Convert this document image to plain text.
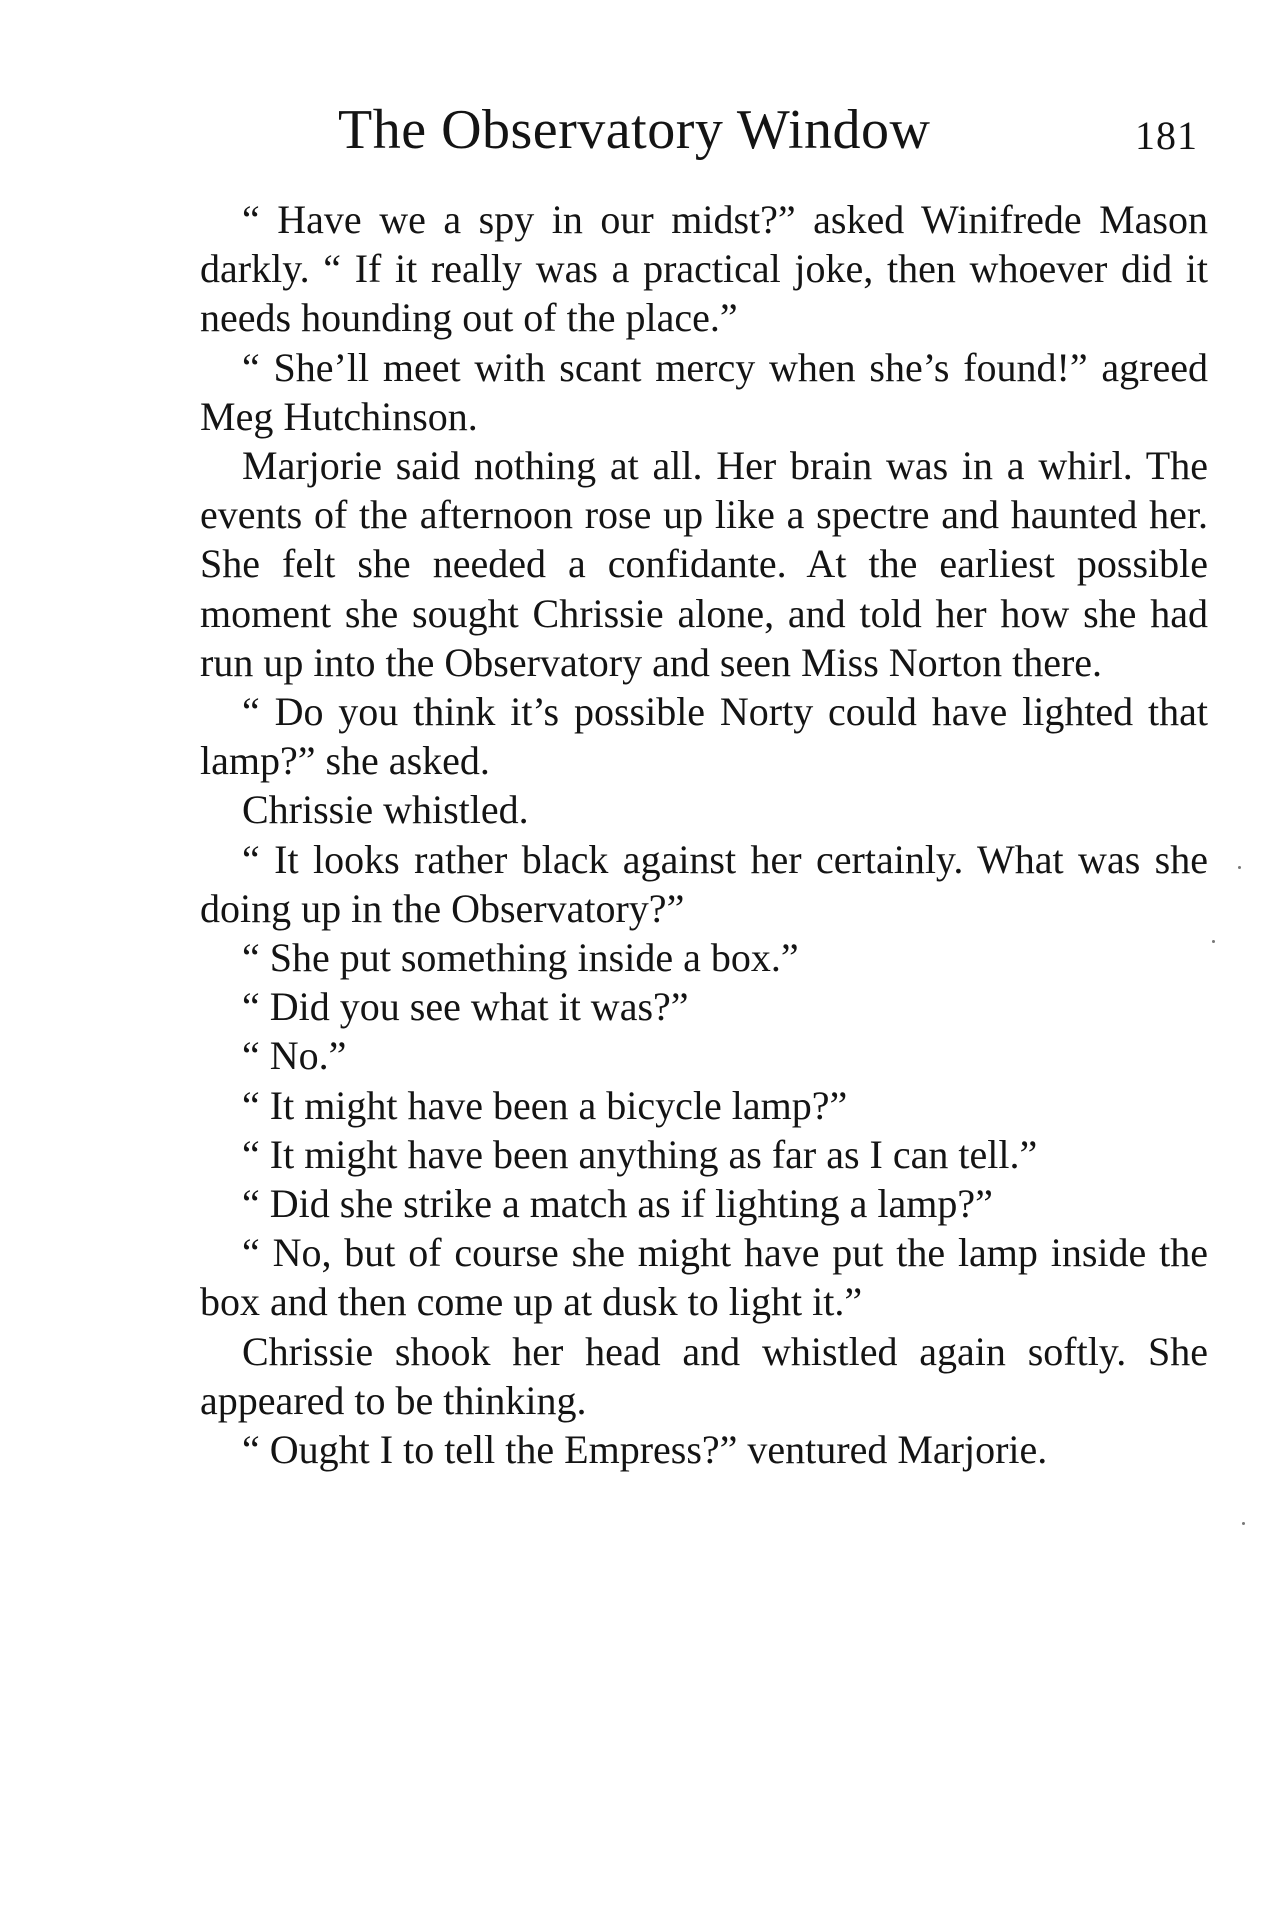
The Observatory Window	181

“ Have we a spy in our midst?” asked Winifrede Mason darkly. “ If it really was a practical joke, then whoever did it needs hounding out of the place.”

“ She’ll meet with scant mercy when she’s found!” agreed Meg Hutchinson.

Marjorie said nothing at all. Her brain was in a whirl. The events of the afternoon rose up like a spectre and haunted her. She felt she needed a confidante. At the earliest possible moment she sought Chrissie alone, and told her how she had run up into the Observatory and seen Miss Norton there.

“ Do you think it’s possible Norty could have lighted that lamp?” she asked.

Chrissie whistled.

“ It looks rather black against her certainly. What was she doing up in the Observatory?”

“ She put something inside a box.”

“ Did you see what it was?”

“ No.”

“ It might have been a bicycle lamp?”

“ It might have been anything as far as I can tell.”

“ Did she strike a match as if lighting a lamp?”

“ No, but of course she might have put the lamp inside the box and then come up at dusk to light it.”

Chrissie shook her head and whistled again softly. She appeared to be thinking.

“ Ought I to tell the Empress?” ventured Marjorie.
